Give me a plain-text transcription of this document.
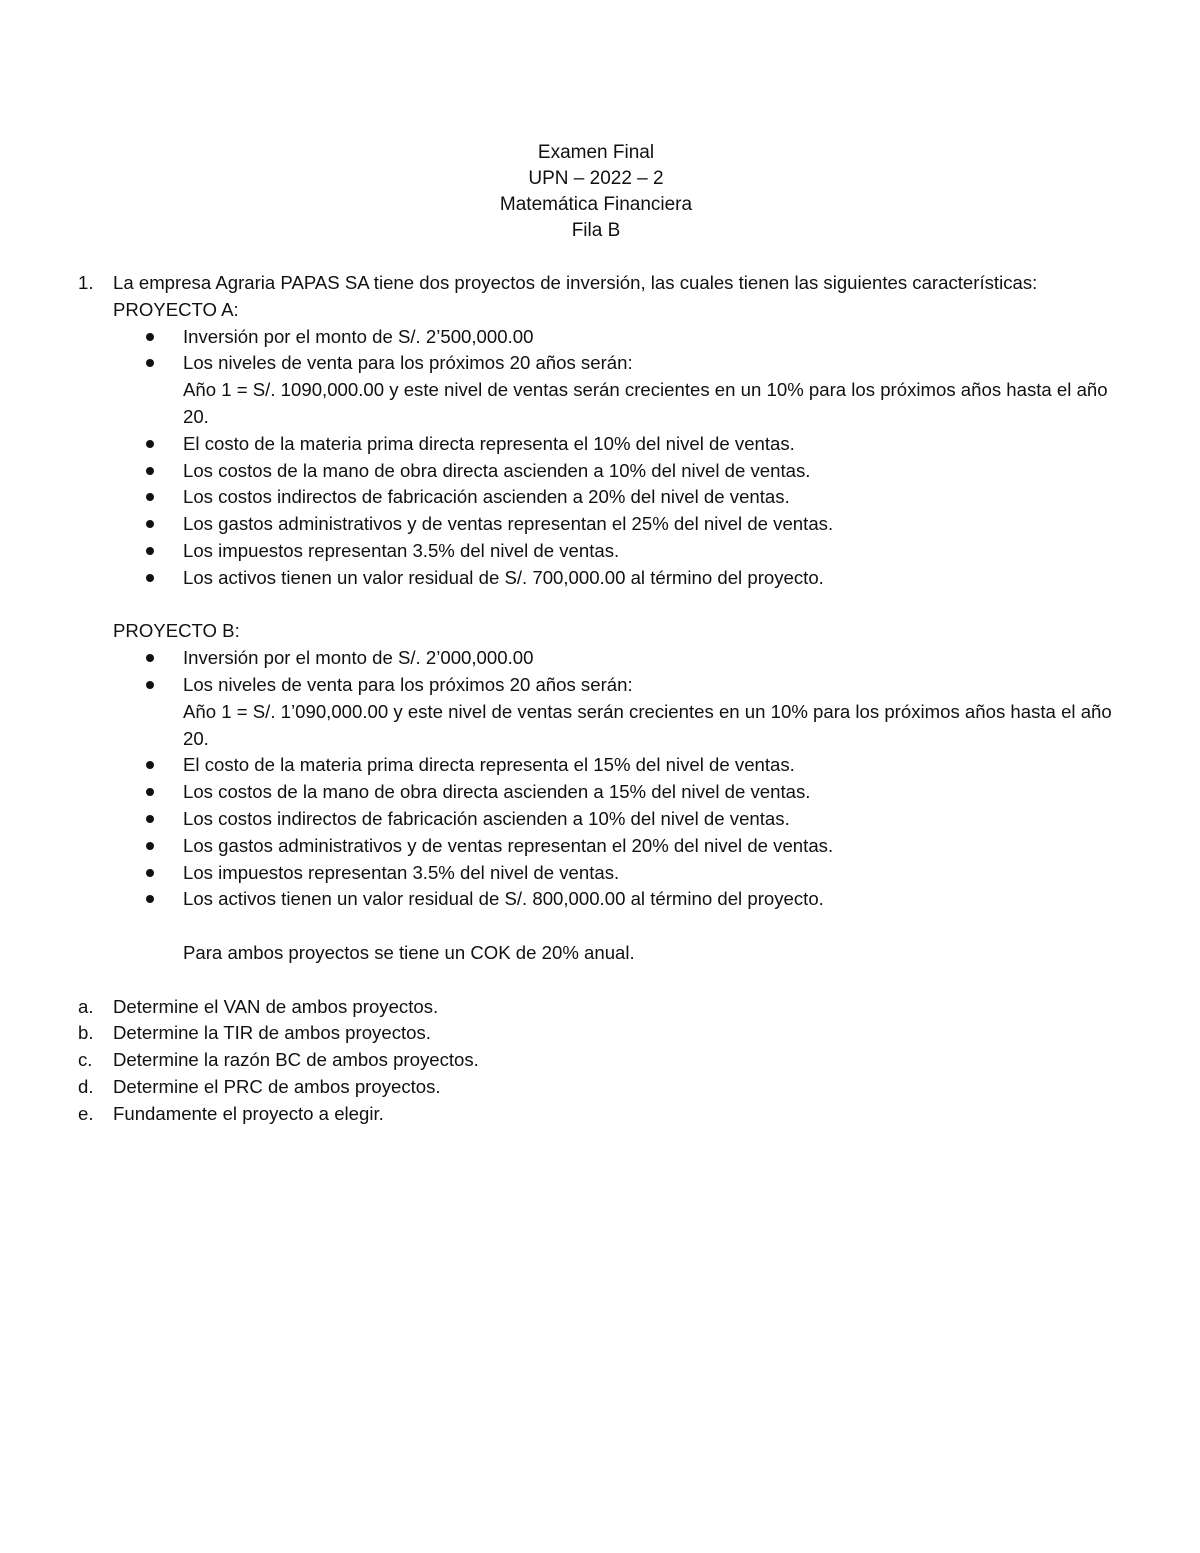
Examen Final
UPN – 2022 – 2
Matemática Financiera
Fila B
1. La empresa Agraria PAPAS SA tiene dos proyectos de inversión, las cuales tienen las siguientes características:
PROYECTO A:
Inversión por el monto de S/. 2’500,000.00
Los niveles de venta para los próximos 20 años serán:
Año 1 = S/. 1090,000.00 y este nivel de ventas serán crecientes en un 10% para los próximos años hasta el año
20.
El costo de la materia prima directa representa el 10% del nivel de ventas.
Los costos de la mano de obra directa ascienden a 10% del nivel de ventas.
Los costos indirectos de fabricación ascienden a 20% del nivel de ventas.
Los gastos administrativos y de ventas representan el 25% del nivel de ventas.
Los impuestos representan 3.5% del nivel de ventas.
Los activos tienen un valor residual de S/. 700,000.00 al término del proyecto.
PROYECTO B:
Inversión por el monto de S/. 2’000,000.00
Los niveles de venta para los próximos 20 años serán:
Año 1 = S/. 1’090,000.00 y este nivel de ventas serán crecientes en un 10% para los próximos años hasta el año
20.
El costo de la materia prima directa representa el 15% del nivel de ventas.
Los costos de la mano de obra directa ascienden a 15% del nivel de ventas.
Los costos indirectos de fabricación ascienden a 10% del nivel de ventas.
Los gastos administrativos y de ventas representan el 20% del nivel de ventas.
Los impuestos representan 3.5% del nivel de ventas.
Los activos tienen un valor residual de S/. 800,000.00 al término del proyecto.
Para ambos proyectos se tiene un COK de 20% anual.
a. Determine el VAN de ambos proyectos.
b. Determine la TIR de ambos proyectos.
c. Determine la razón BC de ambos proyectos.
d. Determine el PRC de ambos proyectos.
e. Fundamente el proyecto a elegir.
